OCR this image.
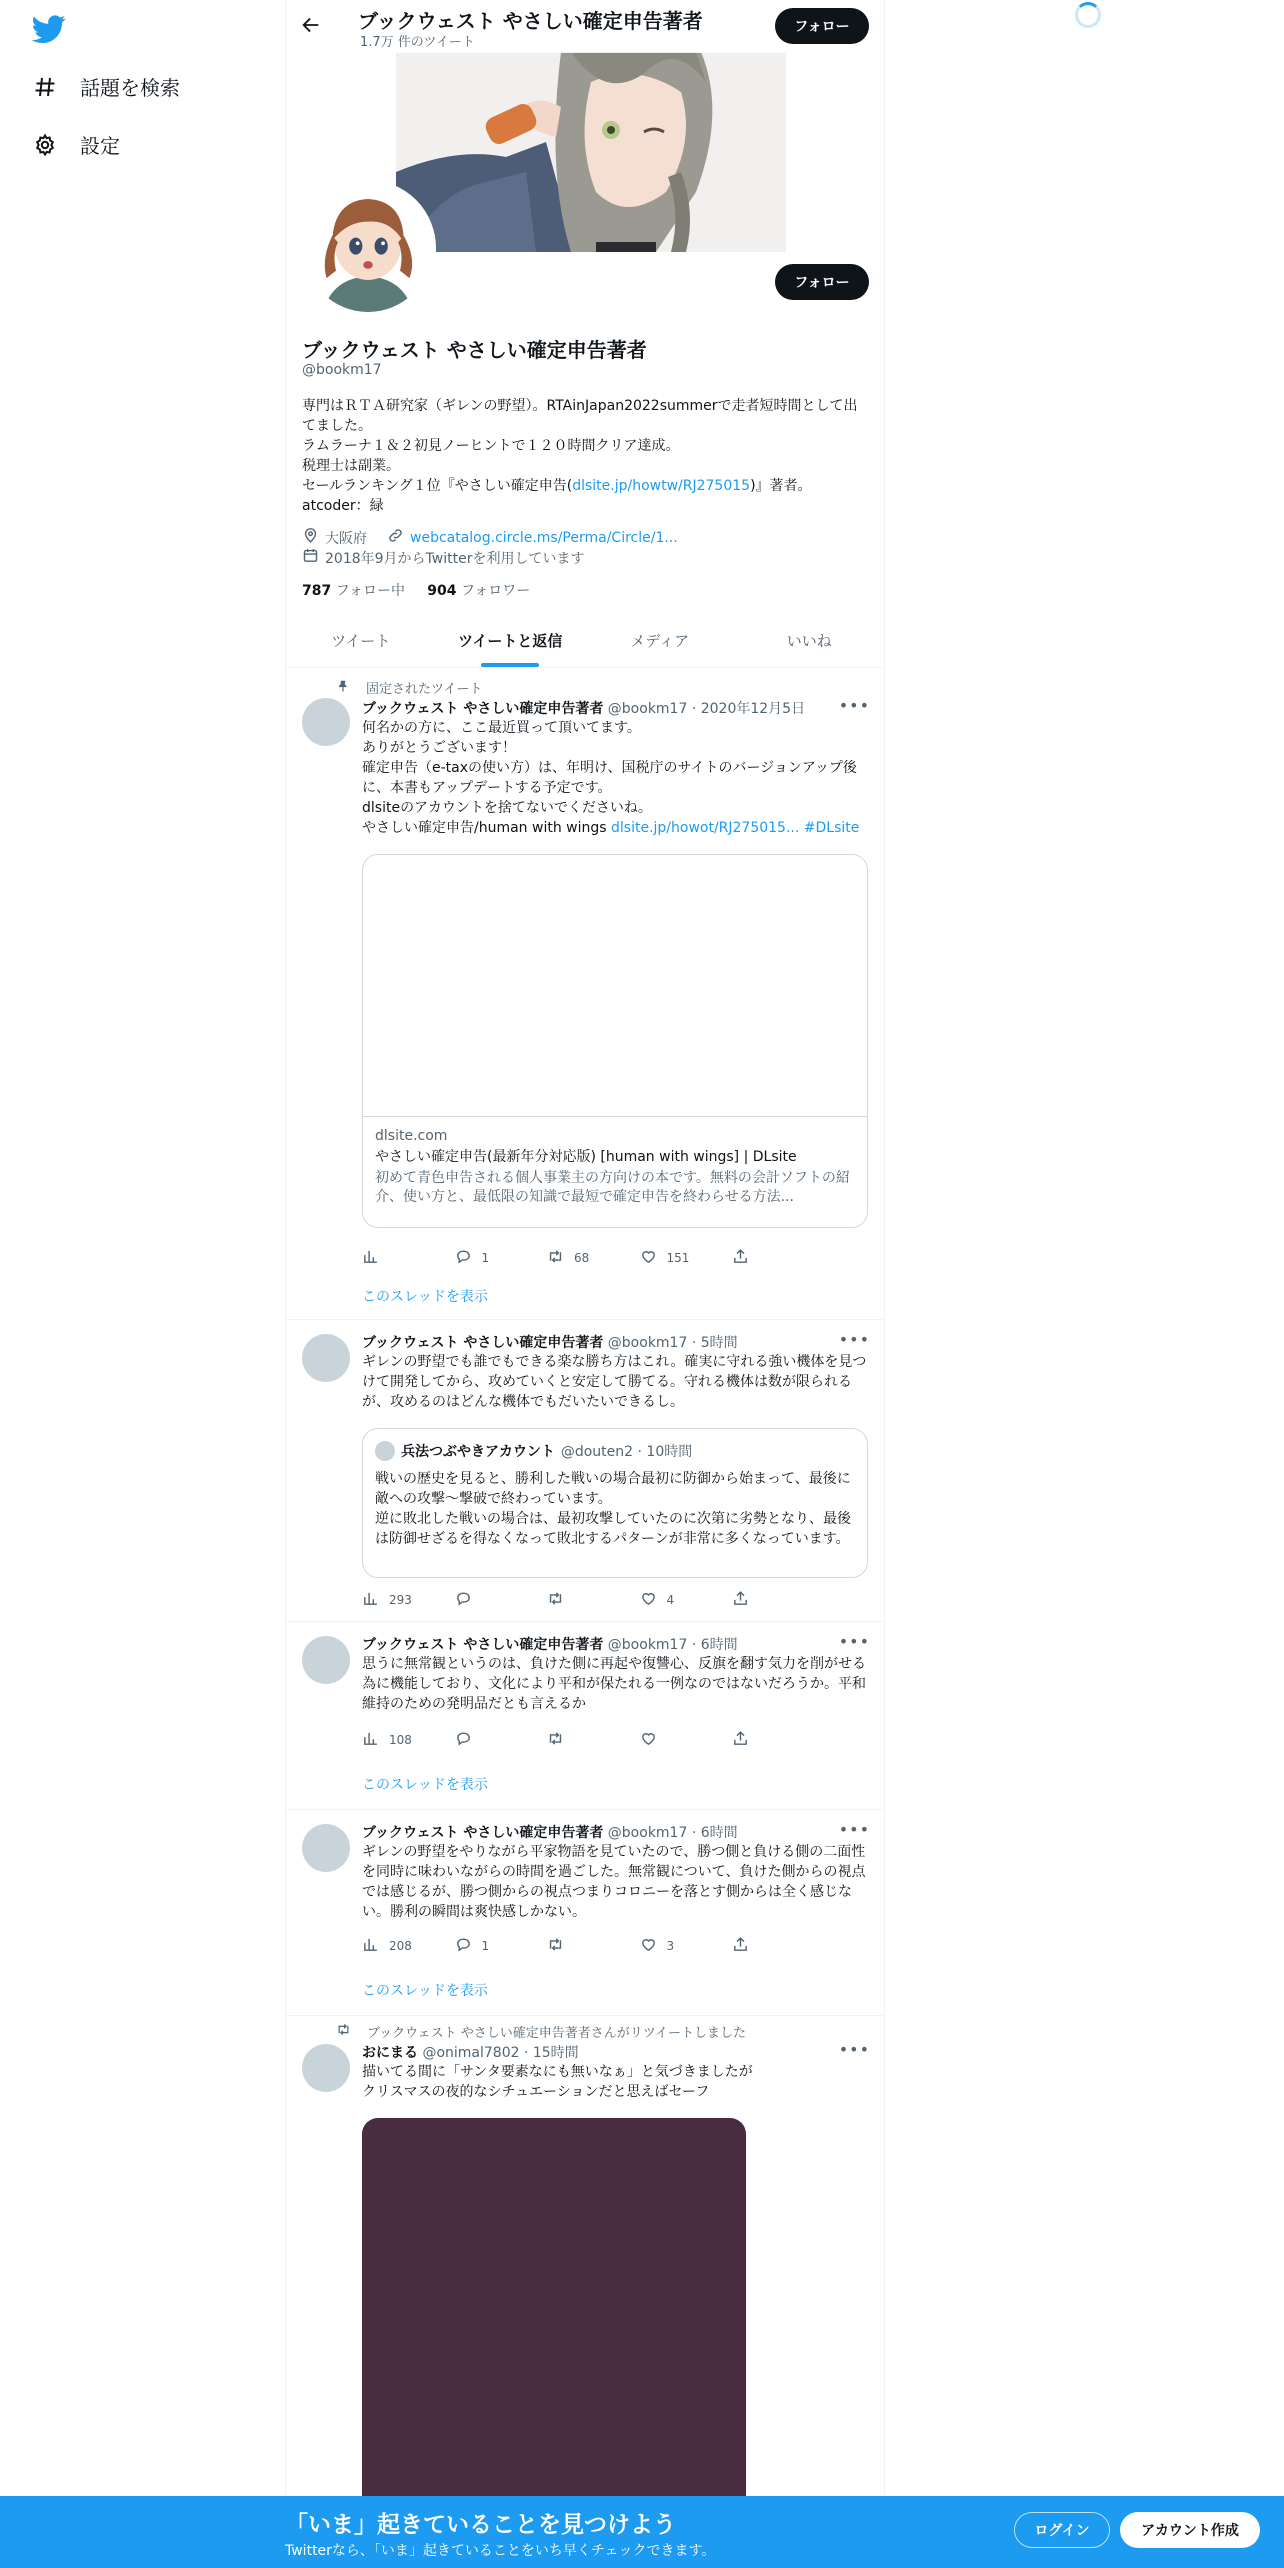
話題を検索
設定
ブックウェスト やさしい確定申告著者
1.7万 件のツイート
フォロー
フォロー
ブックウェスト やさしい確定申告著者
@bookm17
専門はＲＴＡ研究家（ギレンの野望）。RTAinJapan2022summerで走者短時間として出てました。
ラムラーナ１＆２初見ノーヒントで１２０時間クリア達成。
税理士は副業。
セールランキング１位『やさしい確定申告(dlsite.jp/howtw/RJ275015)』著者。
atcoder：緑
大阪府	webcatalog.circle.ms/Perma/Circle/1...
2018年9月からTwitterを利用しています
787 フォロー中 904 フォロワー
ツイート	ツイートと返信	メディア	いいね
固定されたツイート
ブックウェスト やさしい確定申告著者 @bookm17 · 2020年12月5日 •••
何名かの方に、ここ最近買って頂いてます。
ありがとうございます！
確定申告（e-taxの使い方）は、年明け、国税庁のサイトのバージョンアップ後に、本書もアップデートする予定です。
dlsiteのアカウントを捨てないでくださいね。
やさしい確定申告/human with wings dlsite.jp/howot/RJ275015... #DLsite
dlsite.com
やさしい確定申告(最新年分対応版) [human with wings] | DLsite
初めて青色申告される個人事業主の方向けの本です。無料の会計ソフトの紹介、使い方と、最低限の知識で最短で確定申告を終わらせる方法...
1	68	151
このスレッドを表示
ブックウェスト やさしい確定申告著者 @bookm17 · 5時間	•••
ギレンの野望でも誰でもできる楽な勝ち方はこれ。確実に守れる強い機体を見つけて開発してから、攻めていくと安定して勝てる。守れる機体は数が限られるが、攻めるのはどんな機体でもだいたいできるし。
兵法つぶやきアカウント @douten2 · 10時間
戦いの歴史を見ると、勝利した戦いの場合最初に防御から始まって、最後に敵への攻撃～撃破で終わっています。
逆に敗北した戦いの場合は、最初攻撃していたのに次第に劣勢となり、最後は防御せざるを得なくなって敗北するパターンが非常に多くなっています。
293	4
ブックウェスト やさしい確定申告著者 @bookm17 · 6時間	•••
思うに無常観というのは、負けた側に再起や復讐心、反旗を翻す気力を削がせる為に機能しており、文化により平和が保たれる一例なのではないだろうか。平和維持のための発明品だとも言えるか
108
このスレッドを表示
ブックウェスト やさしい確定申告著者 @bookm17 · 6時間	•••
ギレンの野望をやりながら平家物語を見ていたので、勝つ側と負ける側の二面性を同時に味わいながらの時間を過ごした。無常観について、負けた側からの視点では感じるが、勝つ側からの視点つまりコロニーを落とす側からは全く感じない。勝利の瞬間は爽快感しかない。
208	1	3
このスレッドを表示
ブックウェスト やさしい確定申告著者さんがリツイートしました
おにまる @onimal7802 · 15時間	•••
描いてる間に「サンタ要素なにも無いなぁ」と気づきましたが
クリスマスの夜的なシチュエーションだと思えばセーフ
「いま」起きていることを見つけよう
Twitterなら、「いま」起きていることをいち早くチェックできます。
ログイン	アカウント作成
